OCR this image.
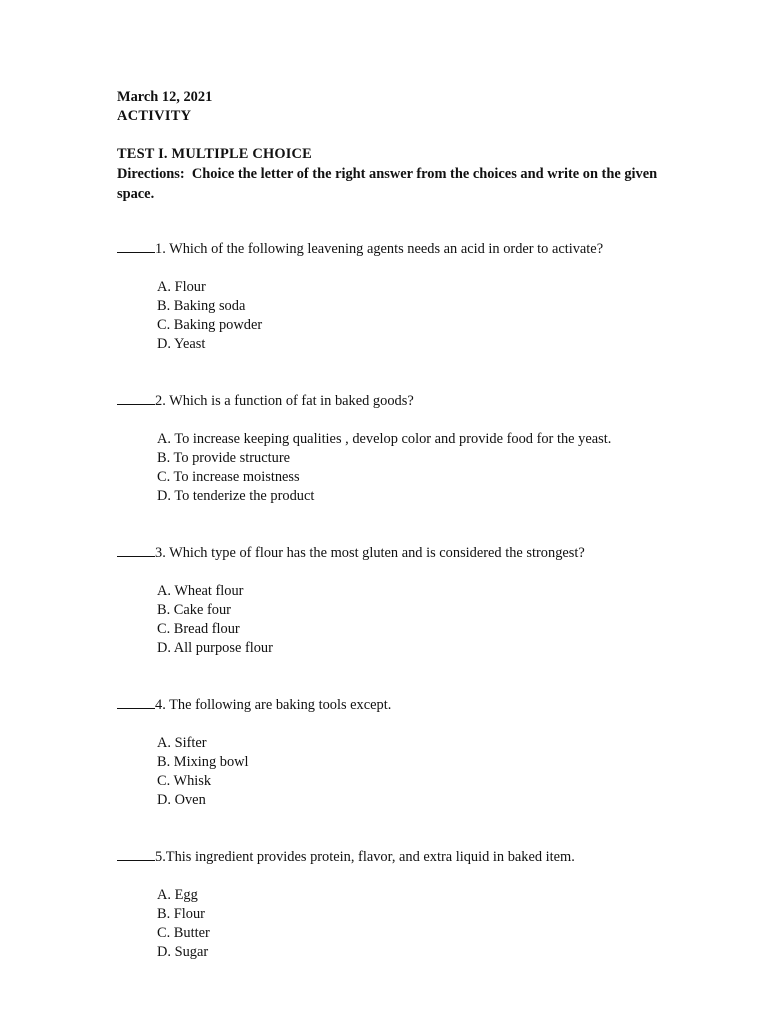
March 12, 2021
ACTIVITY
TEST I. MULTIPLE CHOICE
Directions: Choice the letter of the right answer from the choices and write on the given space.
1. Which of the following leavening agents needs an acid in order to activate?
A. Flour
B. Baking soda
C. Baking powder
D. Yeast
2. Which is a function of fat in baked goods?
A. To increase keeping qualities , develop color and provide food for the yeast.
B. To provide structure
C. To increase moistness
D. To tenderize the product
3. Which type of flour has the most gluten and is considered the strongest?
A. Wheat flour
B. Cake four
C. Bread flour
D. All purpose flour
4. The following are baking tools except.
A. Sifter
B. Mixing bowl
C. Whisk
D. Oven
5.This ingredient provides protein, flavor, and extra liquid in baked item.
A. Egg
B. Flour
C. Butter
D. Sugar
